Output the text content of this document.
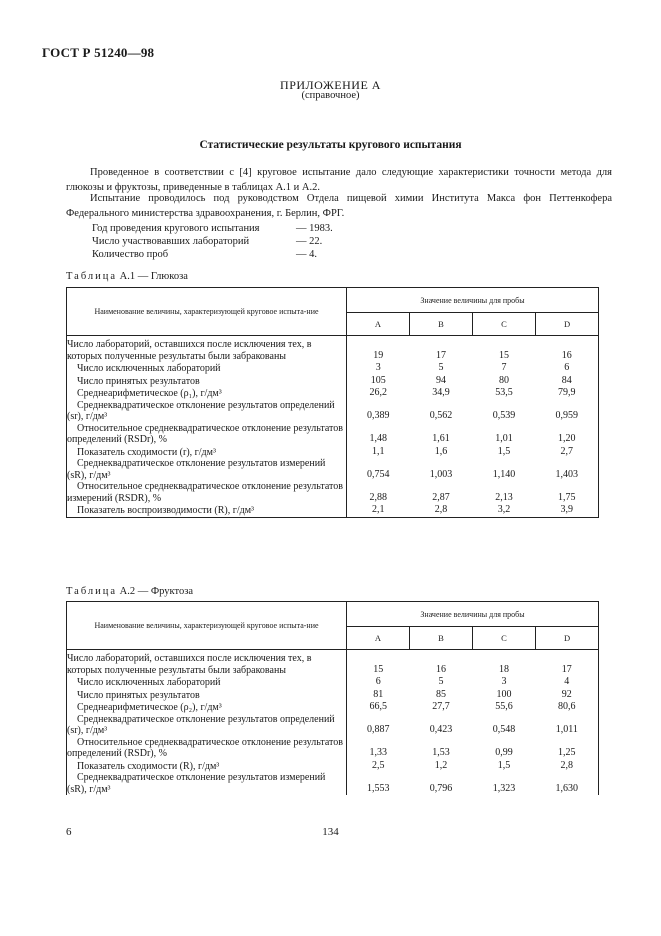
ГОСТ Р 51240—98
ПРИЛОЖЕНИЕ А
(справочное)
Статистические результаты кругового испытания
Проведенное в соответствии с [4] круговое испытание дало следующие характеристики точности метода для глюкозы и фруктозы, приведенные в таблицах А.1 и А.2.
Испытание проводилось под руководством Отдела пищевой химии Института Макса фон Петтенкофера Федерального министерства здравоохранения, г. Берлин, ФРГ.
Год проведения кругового испытания	— 1983.
Число участвовавших лабораторий	— 22.
Количество проб	— 4.
Таблица А.1 — Глюкоза
Наименование величины, характеризующей круговое испыта-ние	Значение величины для пробы			
	A	B	C	D
Число лабораторий, оставшихся после исключения тех, в которых полученные результаты были забракованы	19	17	15	16
Число исключенных лабораторий	3	5	7	6
Число принятых результатов	105	94	80	84
Среднеарифметическое (ρ₁), г/дм³	26,2	34,9	53,5	79,9
Среднеквадратическое отклонение результатов определений (sr), г/дм³	0,389	0,562	0,539	0,959
Относительное среднеквадратическое отклонение результатов определений (RSDr), %	1,48	1,61	1,01	1,20
Показатель сходимости (r), г/дм³	1,1	1,6	1,5	2,7
Среднеквадратическое отклонение результатов измерений (sR), г/дм³	0,754	1,003	1,140	1,403
Относительное среднеквадратическое отклонение результатов измерений (RSDR), %	2,88	2,87	2,13	1,75
Показатель воспроизводимости (R), г/дм³	2,1	2,8	3,2	3,9
Таблица А.2 — Фруктоза
Наименование величины, характеризующей круговое испыта-ние	Значение величины для пробы			
	A	B	C	D
Число лабораторий, оставшихся после исключения тех, в которых полученные результаты были забракованы	15	16	18	17
Число исключенных лабораторий	6	5	3	4
Число принятых результатов	81	85	100	92
Среднеарифметическое (ρ₂), г/дм³	66,5	27,7	55,6	80,6
Среднеквадратическое отклонение результатов определений (sr), г/дм³	0,887	0,423	0,548	1,011
Относительное среднеквадратическое отклонение результатов определений (RSDr), %	1,33	1,53	0,99	1,25
Показатель сходимости (R), г/дм³	2,5	1,2	1,5	2,8
Среднеквадратическое отклонение результатов измерений (sR), г/дм³	1,553	0,796	1,323	1,630
6	134
